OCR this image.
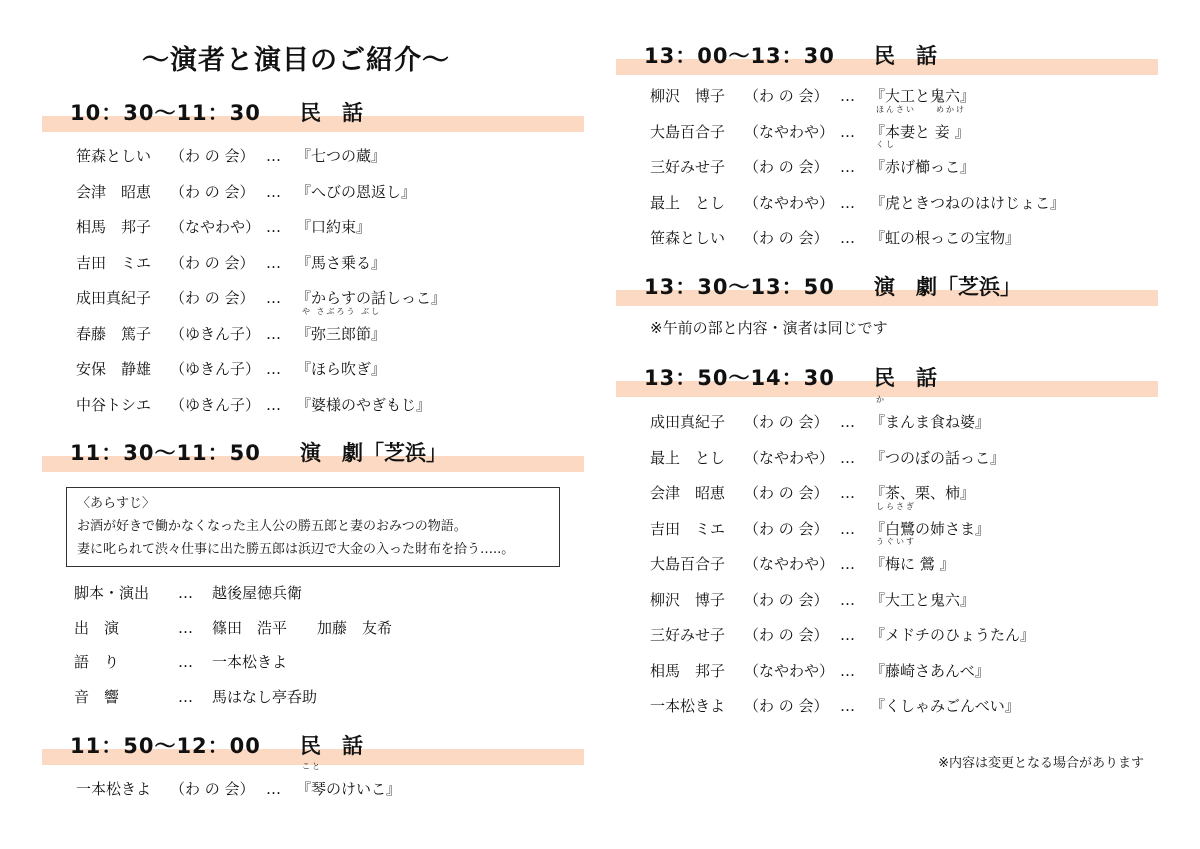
～演者と演目のご紹介～
10：30～11：30 民　話
笹森としい （わ の 会） … 『七つの蔵』
会津　昭恵 （わ の 会） … 『へびの恩返し』
相馬　邦子 （なやわや） … 『口約束』
吉田　ミエ （わ の 会） … 『馬さ乗る』
成田真紀子 （わ の 会） … 『からすの話しっこ』
春藤　篤子 （ゆきん子） … 『弥三郎節』
や さぶろう ぶし
安保　静雄 （ゆきん子） … 『ほら吹ぎ』
中谷トシエ （ゆきん子） … 『婆様のやぎもじ』
11：30～11：50 演　劇「芝浜」
〈あらすじ〉
お酒が好きで働かなくなった主人公の勝五郎と妻のおみつの物語。
妻に叱られて渋々仕事に出た勝五郎は浜辺で大金の入った財布を拾う…..。
脚本・演出 … 越後屋徳兵衛
出　演	… 篠田　浩平　　加藤　友希
語　り	… 一本松きよ
音　響	… 馬はなし亭呑助
11：50～12：00 民　話
一本松きよ （わ の 会） … 『琴のけいこ』
こと
13：00～13：30 民　話
柳沢　博子 （わ の 会） … 『大工と鬼六』
大島百合子 （なやわや） … 『本妻と 妾 』
ほんさい　　めかけ
三好みせ子 （わ の 会） … 『赤げ櫛っこ』
くし
最上　とし （なやわや） … 『虎ときつねのはけじょこ』
笹森としい （わ の 会） … 『虹の根っこの宝物』
13：30～13：50 演　劇「芝浜」
※午前の部と内容・演者は同じです
13：50～14：30 民　話
成田真紀子 （わ の 会） … 『まんま食ね婆』
か
最上　とし （なやわや） … 『つのぼの話っこ』
会津　昭恵 （わ の 会） … 『茶、栗、柿』
吉田　ミエ （わ の 会） … 『白鷺の姉さま』
しらさぎ
大島百合子 （なやわや） … 『梅に 鶯 』
うぐいす
柳沢　博子 （わ の 会） … 『大工と鬼六』
三好みせ子 （わ の 会） … 『メドチのひょうたん』
相馬　邦子 （なやわや） … 『藤崎さあんべ』
一本松きよ （わ の 会） … 『くしゃみごんべい』
※内容は変更となる場合があります
